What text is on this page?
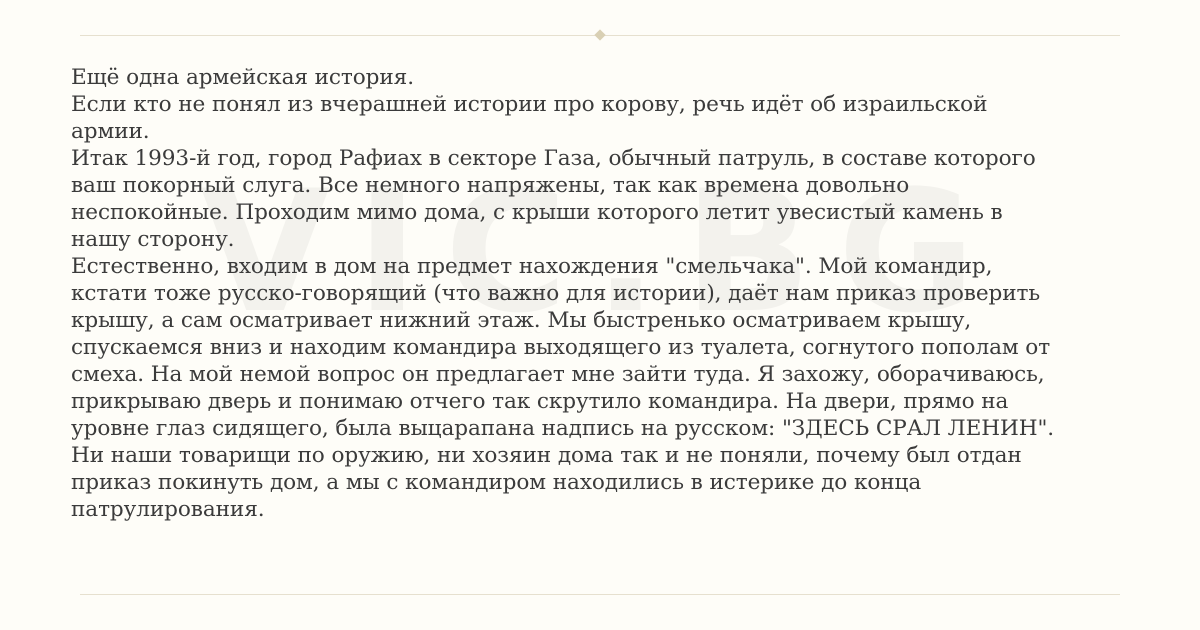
Ещё одна армейская история.

Если кто не понял из вчерашней истории про корову, речь идёт об израильской
армии.

Итак 1993-й год, город Рафиах в секторе Газа, обычный патруль, в составе которого
ваш покорный слуга. Все немного напряжены, так как времена довольно
неспокойные. Проходим мимо дома, с крыши которого летит увесистый камень в
нашу сторону.

Естественно, входим в дом на предмет нахождения "смельчака". Мой командир,
кстати тоже русско-говорящий (что важно для истории), даёт нам приказ проверить
крышу, а сам осматривает нижний этаж. Мы быстренько осматриваем крышу,
спускаемся вниз и находим командира выходящего из туалета, согнутого пополам от
смеха. На мой немой вопрос он предлагает мне зайти туда. Я захожу, оборачиваюсь,
прикрываю дверь и понимаю отчего так скрутило командира. На двери, прямо на
уровне глаз сидящего, была выцарапана надпись на русском: "ЗДЕСЬ СРАЛ ЛЕНИН".

Ни наши товарищи по оружию, ни хозяин дома так и не поняли, почему был отдан
приказ покинуть дом, а мы с командиром находились в истерике до конца
патрулирования.
